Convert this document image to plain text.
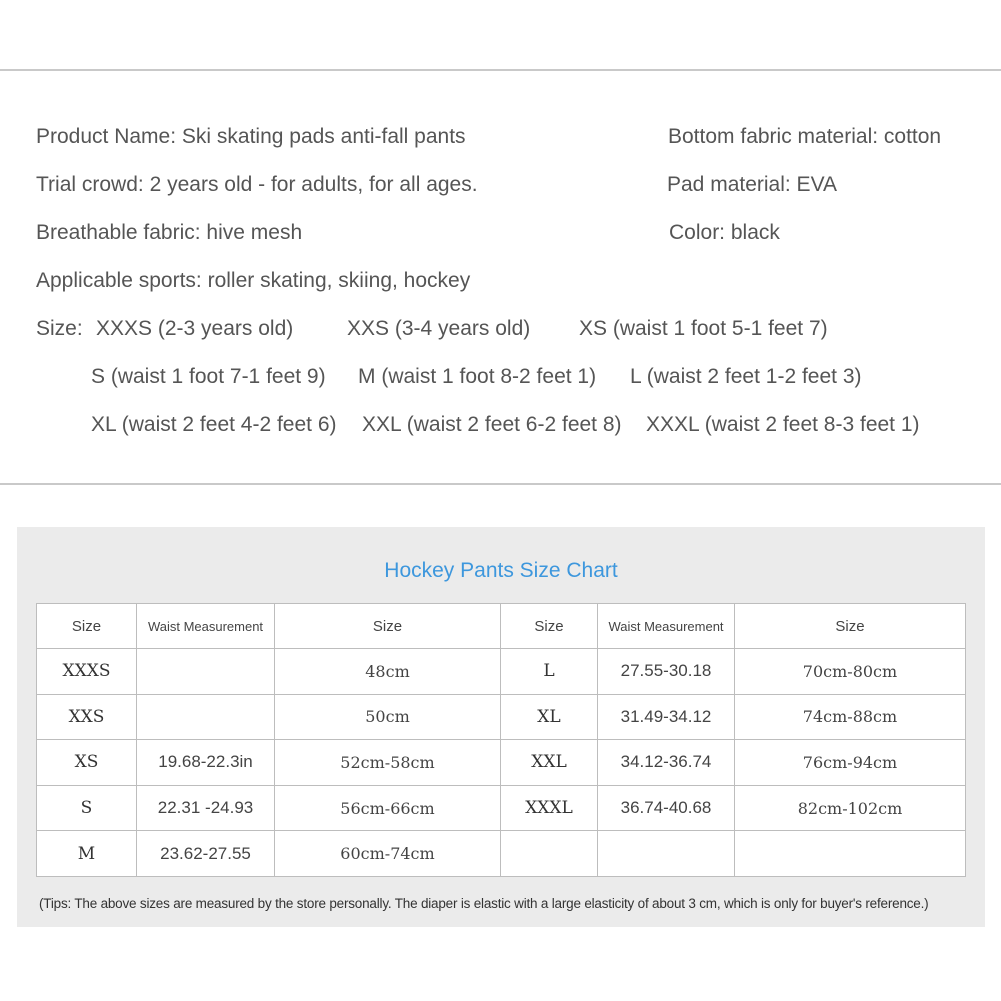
Product Name: Ski skating pads anti-fall pants	Bottom fabric material: cotton
Trial crowd: 2 years old - for adults, for all ages.	Pad material: EVA
Breathable fabric: hive mesh	Color: black
Applicable sports: roller skating, skiing, hockey
Size: XXXS (2-3 years old)	XXS (3-4 years old) XS (waist 1 foot 5-1 feet 7)
S (waist 1 foot 7-1 feet 9) M (waist 1 foot 8-2 feet 1) L (waist 2 feet 1-2 feet 3)
XL (waist 2 feet 4-2 feet 6) XXL (waist 2 feet 6-2 feet 8) XXXL (waist 2 feet 8-3 feet 1)
Hockey Pants Size Chart
Size	Waist Measurement	Size	Size	Waist Measurement	Size
XXXS		48cm	L	27.55-30.18	70cm-80cm
XXS		50cm	XL	31.49-34.12	74cm-88cm
XS	19.68-22.3in	52cm-58cm	XXL	34.12-36.74	76cm-94cm
S	22.31 -24.93	56cm-66cm	XXXL	36.74-40.68	82cm-102cm
M	23.62-27.55	60cm-74cm			
(Tips: The above sizes are measured by the store personally. The diaper is elastic with a large elasticity of about 3 cm, which is only for buyer's reference.)
